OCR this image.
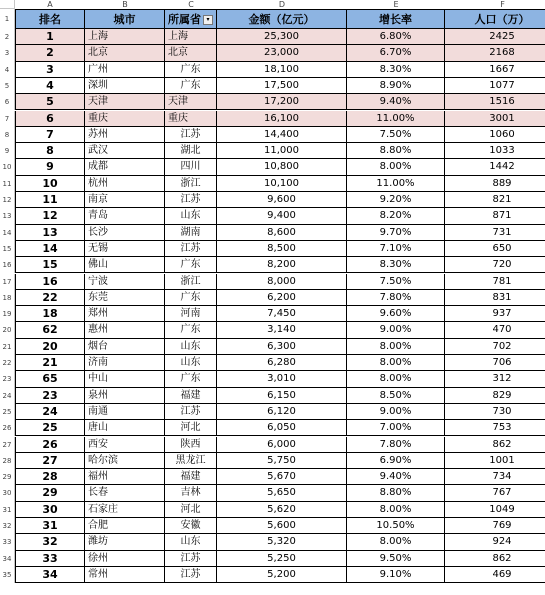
A	B	C	D	E	F
1	排名	城市	所属省 ▾	金额（亿元）	增长率	人口（万）
2	1	上海	上海	25,300	6.80%	2425
3	2	北京	北京	23,000	6.70%	2168
4	3	广州	广东	18,100	8.30%	1667
5	4	深圳	广东	17,500	8.90%	1077
6	5	天津	天津	17,200	9.40%	1516
7	6	重庆	重庆	16,100	11.00%	3001
8	7	苏州	江苏	14,400	7.50%	1060
9	8	武汉	湖北	11,000	8.80%	1033
10	9	成都	四川	10,800	8.00%	1442
11	10	杭州	浙江	10,100	11.00%	889
12	11	南京	江苏	9,600	9.20%	821
13	12	青岛	山东	9,400	8.20%	871
14	13	长沙	湖南	8,600	9.70%	731
15	14	无锡	江苏	8,500	7.10%	650
16	15	佛山	广东	8,200	8.30%	720
17	16	宁波	浙江	8,000	7.50%	781
18	22	东莞	广东	6,200	7.80%	831
19	18	郑州	河南	7,450	9.60%	937
20	62	惠州	广东	3,140	9.00%	470
21	20	烟台	山东	6,300	8.00%	702
22	21	济南	山东	6,280	8.00%	706
23	65	中山	广东	3,010	8.00%	312
24	23	泉州	福建	6,150	8.50%	829
25	24	南通	江苏	6,120	9.00%	730
26	25	唐山	河北	6,050	7.00%	753
27	26	西安	陕西	6,000	7.80%	862
28	27	哈尔滨	黑龙江	5,750	6.90%	1001
29	28	福州	福建	5,670	9.40%	734
30	29	长春	吉林	5,650	8.80%	767
31	30	石家庄	河北	5,620	8.00%	1049
32	31	合肥	安徽	5,600	10.50%	769
33	32	潍坊	山东	5,320	8.00%	924
34	33	徐州	江苏	5,250	9.50%	862
35	34	常州	江苏	5,200	9.10%	469
